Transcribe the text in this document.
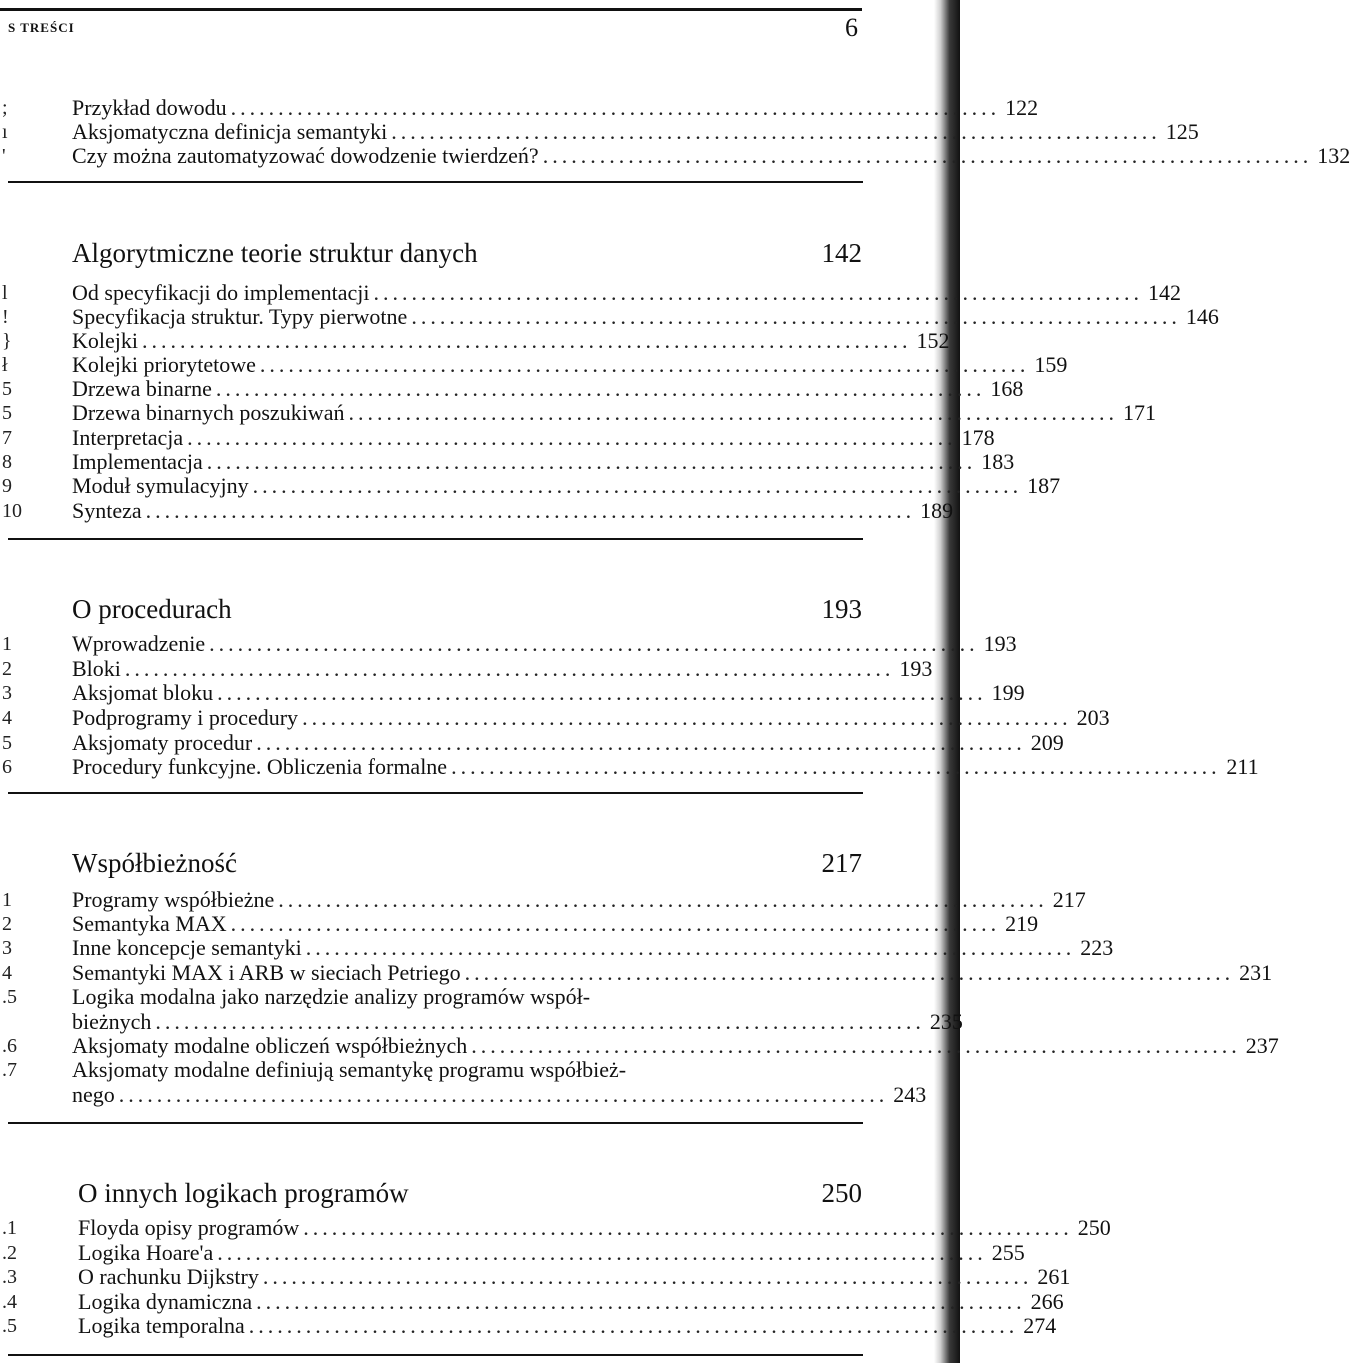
S TREŚCI	6
;	Przykład dowodu ................................................................................. 122
ı	Aksjomatyczna definicja semantyki ................................................................................. 125
'	Czy można zautomatyzować dowodzenie twierdzeń? ................................................................................. 132
Algorytmiczne teorie struktur danych	142
l	Od specyfikacji do implementacji ................................................................................. 142
!	Specyfikacja struktur. Typy pierwotne ................................................................................. 146
}	Kolejki ................................................................................. 152
ł	Kolejki priorytetowe ................................................................................. 159
5	Drzewa binarne ................................................................................. 168
5	Drzewa binarnych poszukiwań ................................................................................. 171
7	Interpretacja ................................................................................. 178
8	Implementacja ................................................................................. 183
9	Moduł symulacyjny ................................................................................. 187
10 Synteza ................................................................................. 189
O procedurach	193
1	Wprowadzenie ................................................................................. 193
2	Bloki ................................................................................. 193
3	Aksjomat bloku ................................................................................. 199
4	Podprogramy i procedury ................................................................................. 203
5	Aksjomaty procedur ................................................................................. 209
6	Procedury funkcyjne. Obliczenia formalne ................................................................................. 211
Współbieżność	217
1	Programy współbieżne ................................................................................. 217
2	Semantyka MAX ................................................................................. 219
3	Inne koncepcje semantyki ................................................................................. 223
4	Semantyki MAX i ARB w sieciach Petriego ................................................................................. 231
.5	Logika modalna jako narzędzie analizy programów współ-
bieżnych ................................................................................. 235
.6	Aksjomaty modalne obliczeń współbieżnych ................................................................................. 237
.7	Aksjomaty modalne definiują semantykę programu współbież-
nego ................................................................................. 243
O innych logikach programów	250
.1	Floyda opisy programów ................................................................................. 250
.2	Logika Hoare'a ................................................................................. 255
.3	O rachunku Dijkstry ................................................................................. 261
.4	Logika dynamiczna ................................................................................. 266
.5	Logika temporalna ................................................................................. 274
